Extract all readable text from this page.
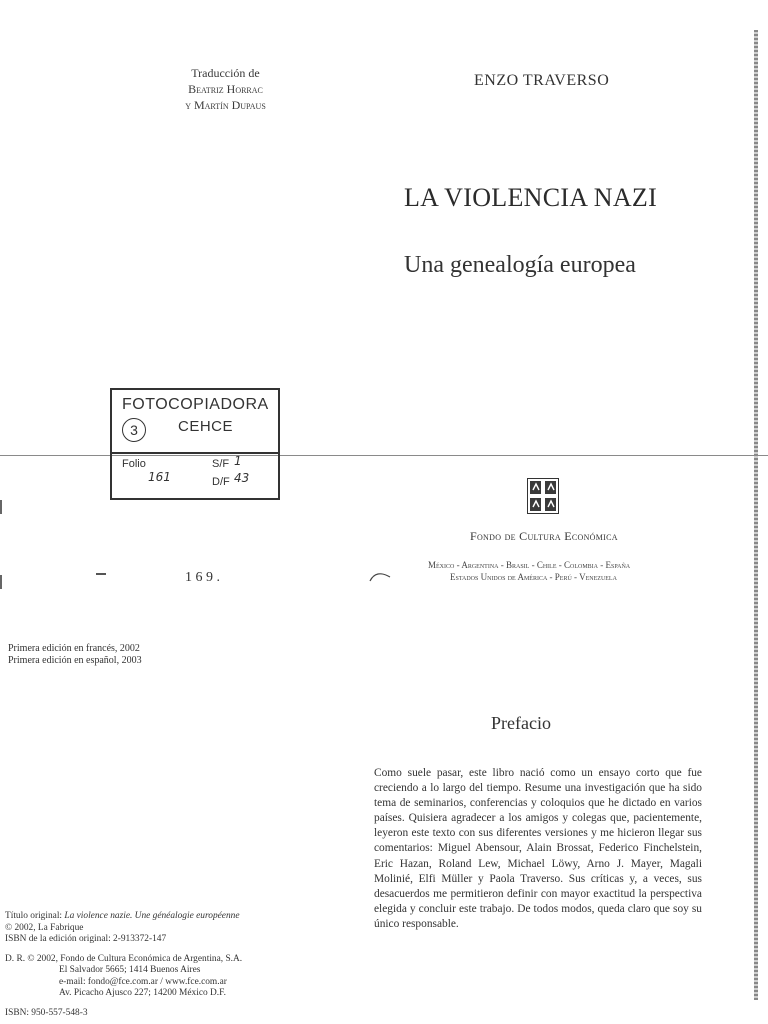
Traducción de
Beatriz Horrac
y Martín Dupaus
ENZO TRAVERSO
LA VIOLENCIA NAZI
Una genealogía europea
FOTOCOPIADORA
3	CEHCE
Folio
161
S/F 1
D/F 43
Fondo de Cultura Económica
México - Argentina - Brasil - Chile - Colombia - España
Estados Unidos de América - Perú - Venezuela
1 6 9 .
Primera edición en francés, 2002
Primera edición en español, 2003
Prefacio
Como suele pasar, este libro nació como un ensayo corto que fue creciendo a lo largo del tiempo. Resume una investigación que ha sido tema de seminarios, conferencias y coloquios que he dictado en varios países. Quisiera agradecer a los amigos y colegas que, pacientemente, leyeron este texto con sus diferentes versiones y me hicieron llegar sus comentarios: Miguel Abensour, Alain Brossat, Federico Finchelstein, Eric Hazan, Roland Lew, Michael Löwy, Arno J. Mayer, Magali Molinié, Elfi Müller y Paola Traverso. Sus críticas y, a veces, sus desacuerdos me permitieron definir con mayor exactitud la perspectiva elegida y concluir este trabajo. De todos modos, queda claro que soy su único responsable.
Título original: La violence nazie. Une généalogie européenne
© 2002, La Fabrique
ISBN de la edición original: 2-913372-147
D. R. © 2002, Fondo de Cultura Económica de Argentina, S.A.
El Salvador 5665; 1414 Buenos Aires
e-mail: fondo@fce.com.ar / www.fce.com.ar
Av. Picacho Ajusco 227; 14200 México D.F.
ISBN: 950-557-548-3
